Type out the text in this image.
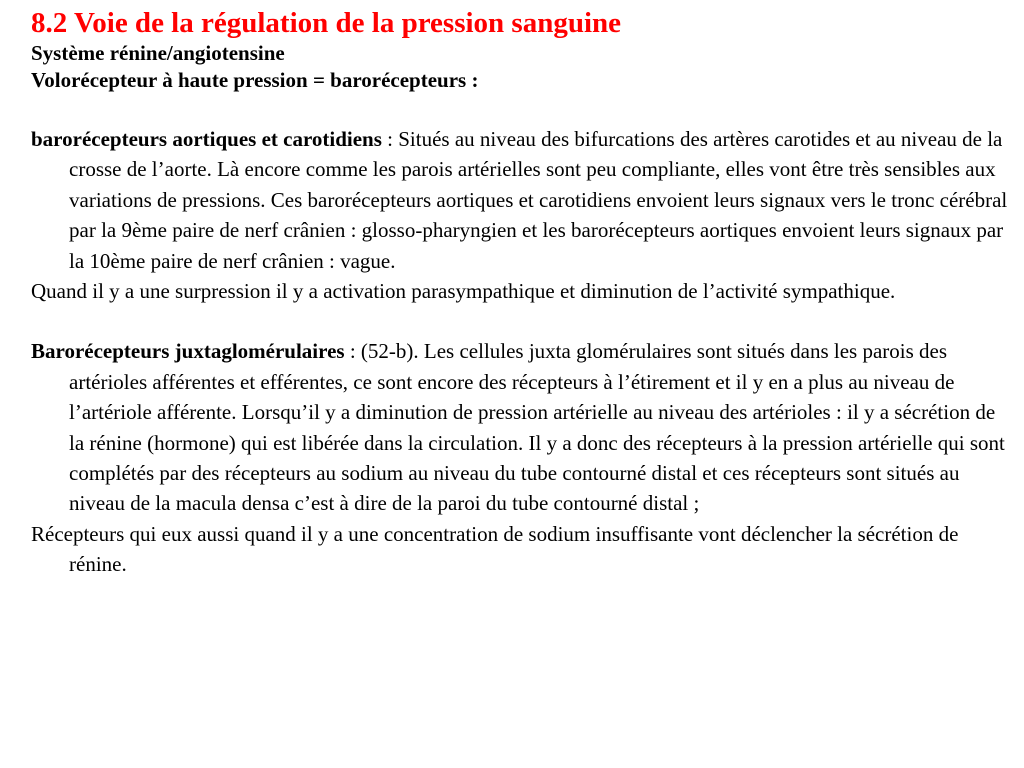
8.2 Voie de la régulation de la pression sanguine

Système rénine/angiotensine

Volorécepteur à haute pression = barorécepteurs :

barorécepteurs aortiques et carotidiens : Situés au niveau des bifurcations des artères carotides et au niveau de la crosse de l’aorte. Là encore comme les parois artérielles sont peu compliante, elles vont être très sensibles aux variations de pressions. Ces barorécepteurs aortiques et carotidiens envoient leurs signaux vers le tronc cérébral par la 9ème paire de nerf crânien : glosso-pharyngien et les barorécepteurs aortiques envoient leurs signaux par la 10ème paire de nerf crânien : vague.

Quand il y a une surpression il y a activation parasympathique et diminution de l’activité sympathique.

Barorécepteurs juxtaglomérulaires : (52-b). Les cellules juxta glomérulaires sont situés dans les parois des artérioles afférentes et efférentes, ce sont encore des récepteurs à l’étirement et il y en a plus au niveau de l’artériole afférente. Lorsqu’il y a diminution de pression artérielle au niveau des artérioles : il y a sécrétion de la rénine (hormone) qui est libérée dans la circulation. Il y a donc des récepteurs à la pression artérielle qui sont complétés par des récepteurs au sodium au niveau du tube contourné distal et ces récepteurs sont situés au niveau de la macula densa c’est à dire de la paroi du tube contourné distal ;

Récepteurs qui eux aussi quand il y a une concentration de sodium insuffisante vont déclencher la sécrétion de rénine.
